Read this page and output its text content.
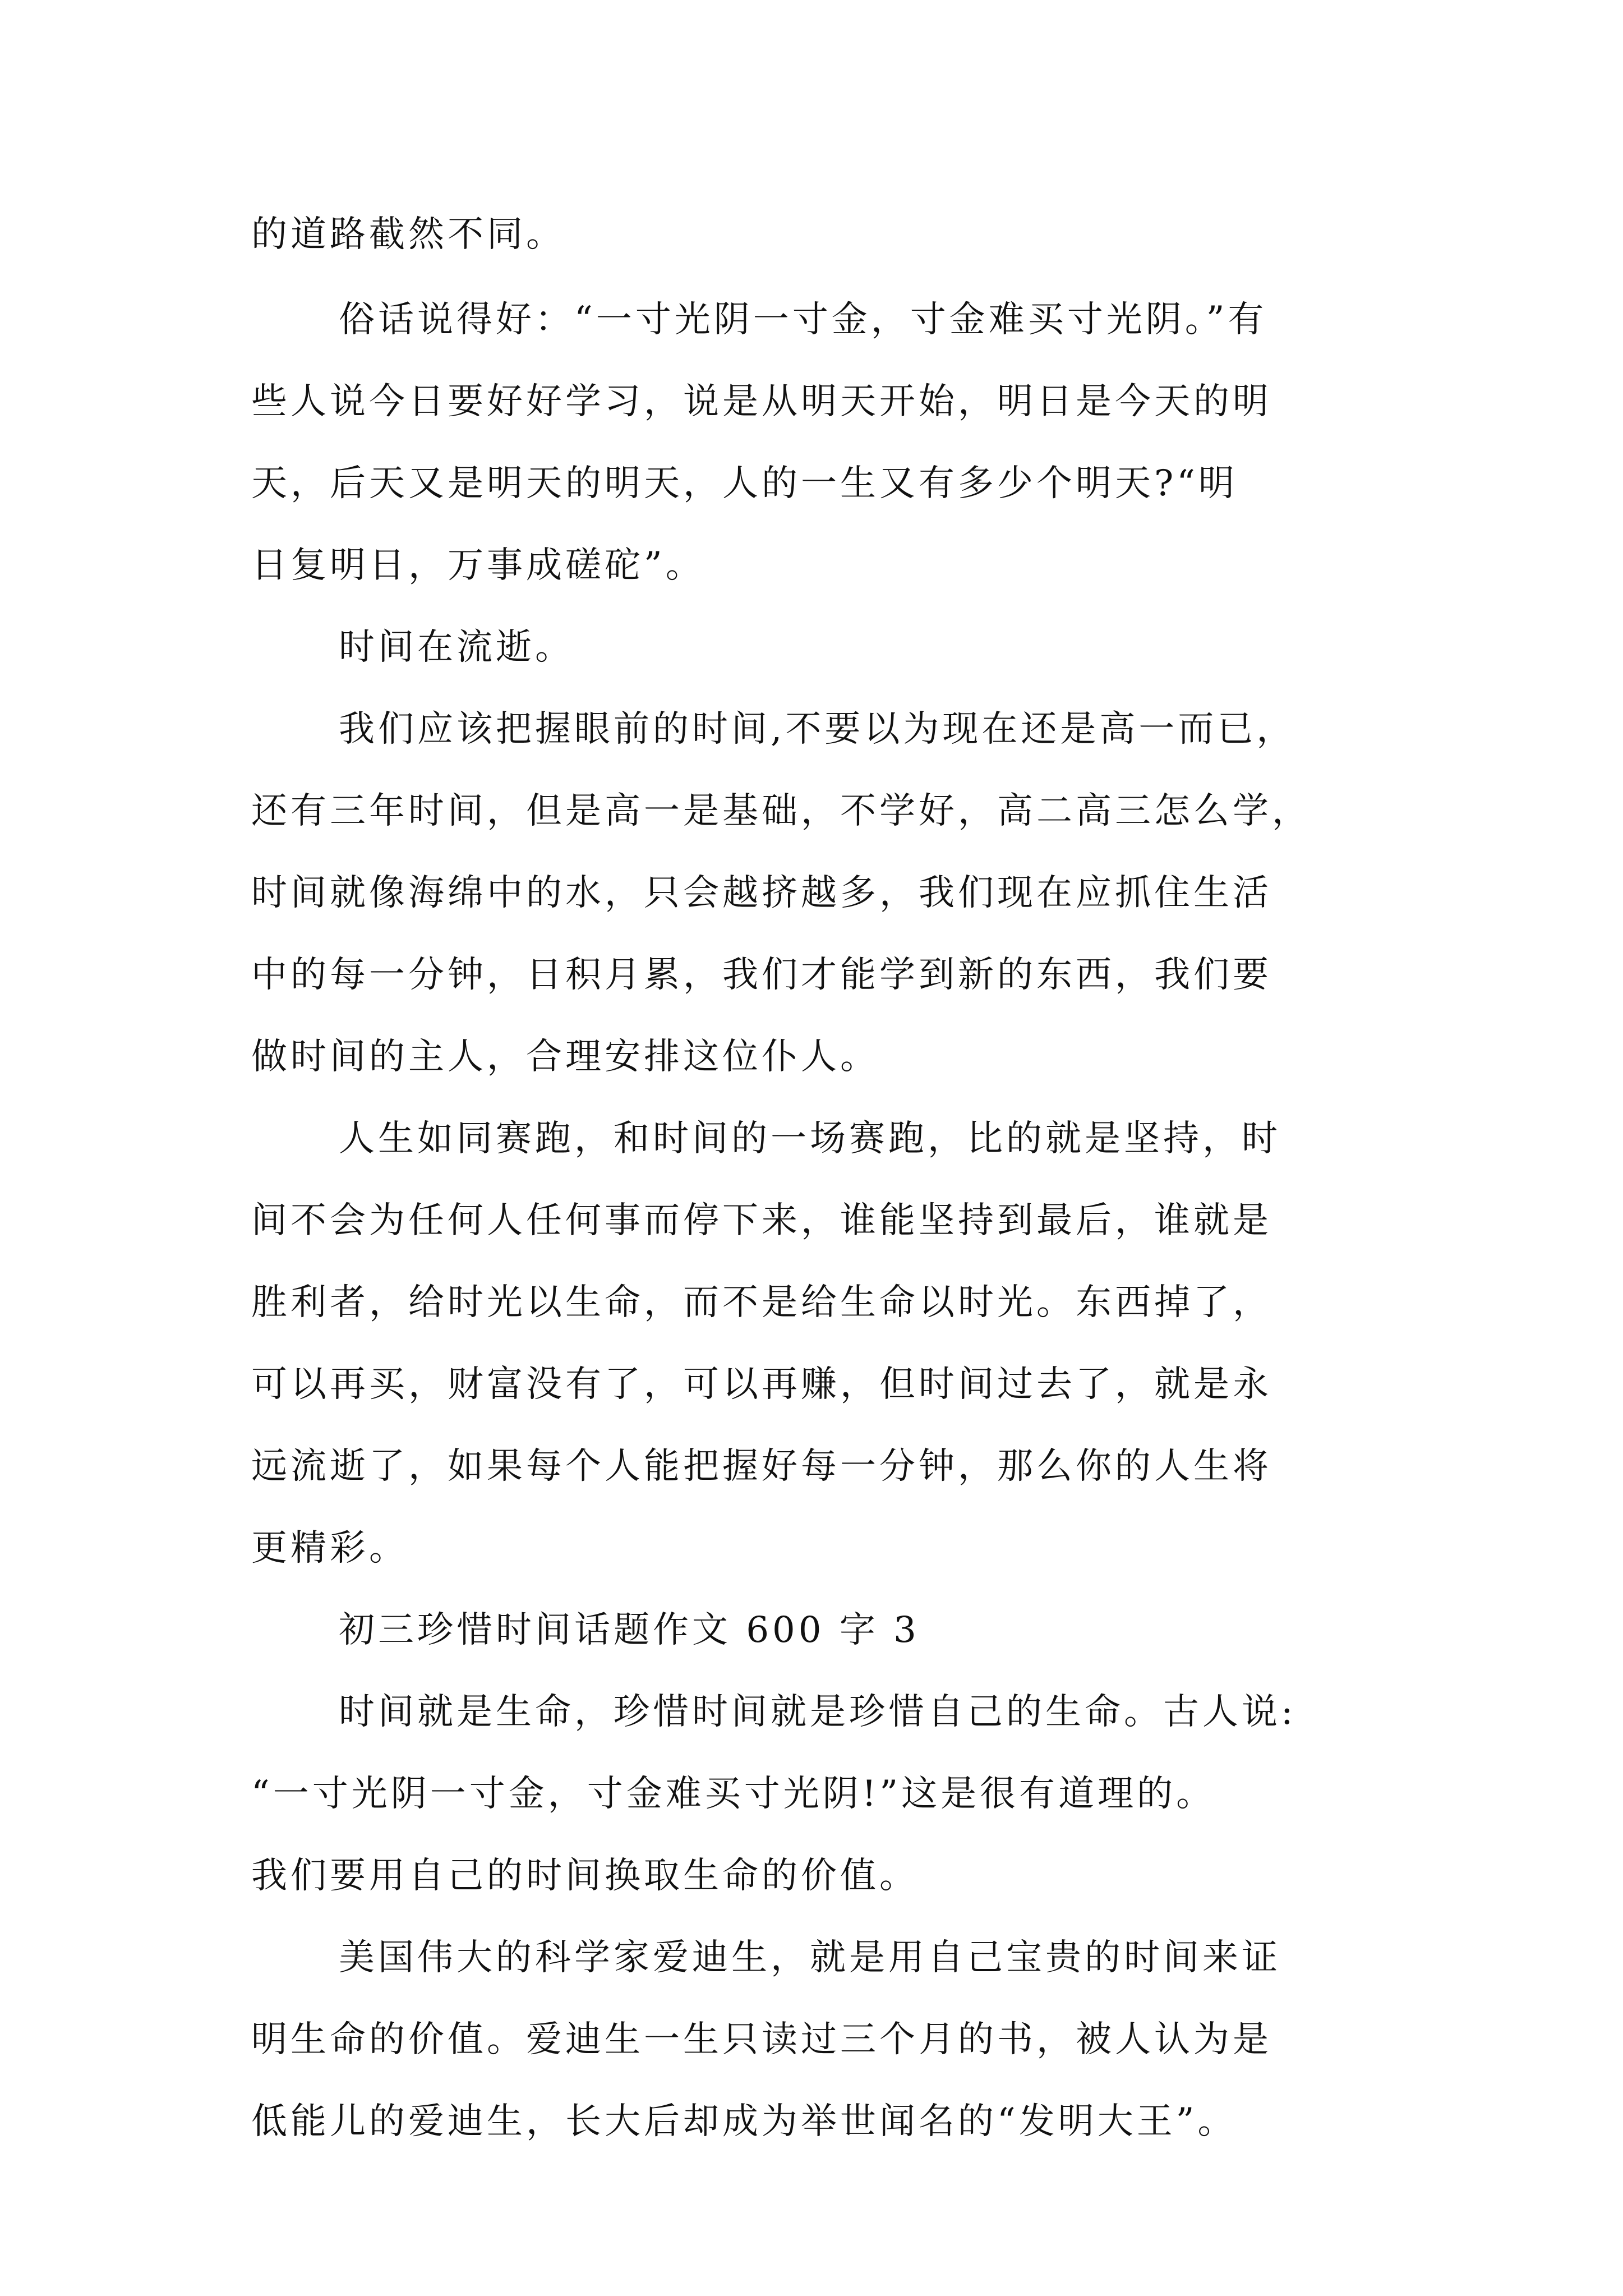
的道路截然不同。
俗话说得好：“一寸光阴一寸金，寸金难买寸光阴。”有
些人说今日要好好学习，说是从明天开始，明日是今天的明
天，后天又是明天的明天，人的一生又有多少个明天?“明
日复明日，万事成磋砣”。
时间在流逝。
我们应该把握眼前的时间,不要以为现在还是高一而已，
还有三年时间，但是高一是基础，不学好，高二高三怎么学，
时间就像海绵中的水，只会越挤越多，我们现在应抓住生活
中的每一分钟，日积月累，我们才能学到新的东西，我们要
做时间的主人，合理安排这位仆人。
人生如同赛跑，和时间的一场赛跑，比的就是坚持，时
间不会为任何人任何事而停下来，谁能坚持到最后，谁就是
胜利者，给时光以生命，而不是给生命以时光。东西掉了，
可以再买，财富没有了，可以再赚，但时间过去了，就是永
远流逝了，如果每个人能把握好每一分钟，那么你的人生将
更精彩。
初三珍惜时间话题作文 600 字 3
时间就是生命，珍惜时间就是珍惜自己的生命。古人说:
“一寸光阴一寸金，寸金难买寸光阴!”这是很有道理的。
我们要用自己的时间换取生命的价值。
美国伟大的科学家爱迪生，就是用自己宝贵的时间来证
明生命的价值。爱迪生一生只读过三个月的书，被人认为是
低能儿的爱迪生，长大后却成为举世闻名的“发明大王”。
